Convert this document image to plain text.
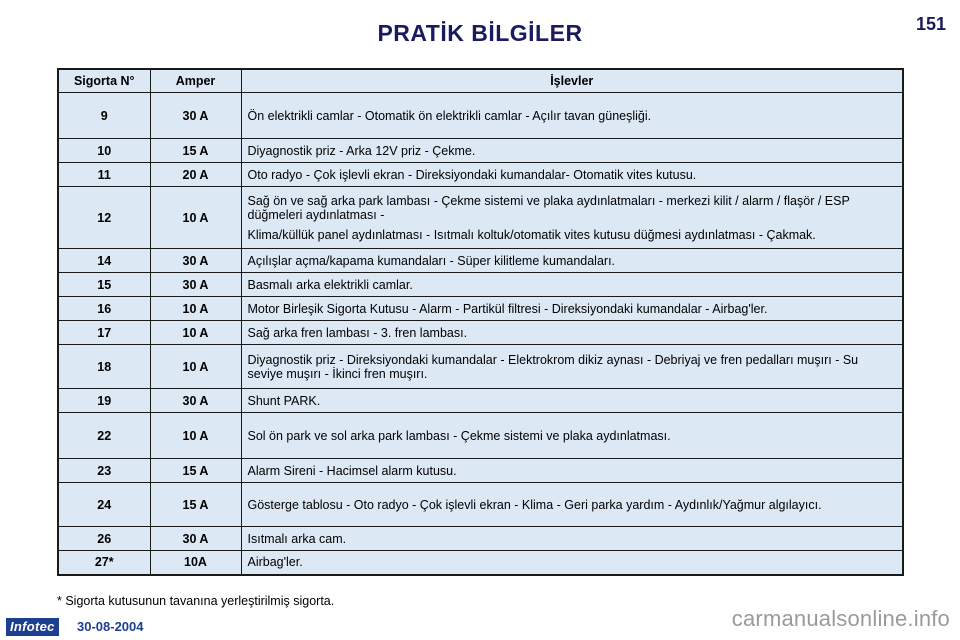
PRATİK BİLGİLER	151
Sigorta N°	Amper	İşlevler
9	30 A	Ön elektrikli camlar - Otomatik ön elektrikli camlar - Açılır tavan güneşliği.

10	15 A	Diyagnostik priz - Arka 12V priz - Çekme.

11	20 A	Oto radyo - Çok işlevli ekran - Direksiyondaki kumandalar- Otomatik vites kutusu.

12	10 A	Sağ ön ve sağ arka park lambası - Çekme sistemi ve plaka aydınlatmaları - merkezi kilit / alarm / flaşör / ESP düğmeleri aydınlatması -
Klima/küllük panel aydınlatması - Isıtmalı koltuk/otomatik vites kutusu düğmesi aydınlatması - Çakmak.

14	30 A	Açılışlar açma/kapama kumandaları - Süper kilitleme kumandaları.

15	30 A	Basmalı arka elektrikli camlar.

16	10 A	Motor Birleşik Sigorta Kutusu - Alarm - Partikül filtresi - Direksiyondaki kumandalar - Airbag'ler.

17	10 A	Sağ arka fren lambası - 3. fren lambası.

18	10 A	Diyagnostik priz - Direksiyondaki kumandalar - Elektrokrom dikiz aynası - Debriyaj ve fren pedalları muşırı - Su seviye muşırı - İkinci fren muşırı.

19	30 A	Shunt PARK.

22	10 A	Sol ön park ve sol arka park lambası - Çekme sistemi ve plaka aydınlatması.

23	15 A	Alarm Sireni - Hacimsel alarm kutusu.

24	15 A	Gösterge tablosu - Oto radyo - Çok işlevli ekran - Klima - Geri parka yardım - Aydınlık/Yağmur algılayıcı.

26	30 A	Isıtmalı arka cam.

27*	10A	Airbag'ler.
* Sigorta kutusunun tavanına yerleştirilmiş sigorta.
Infotec	30-08-2004	carmanualsonline.info
